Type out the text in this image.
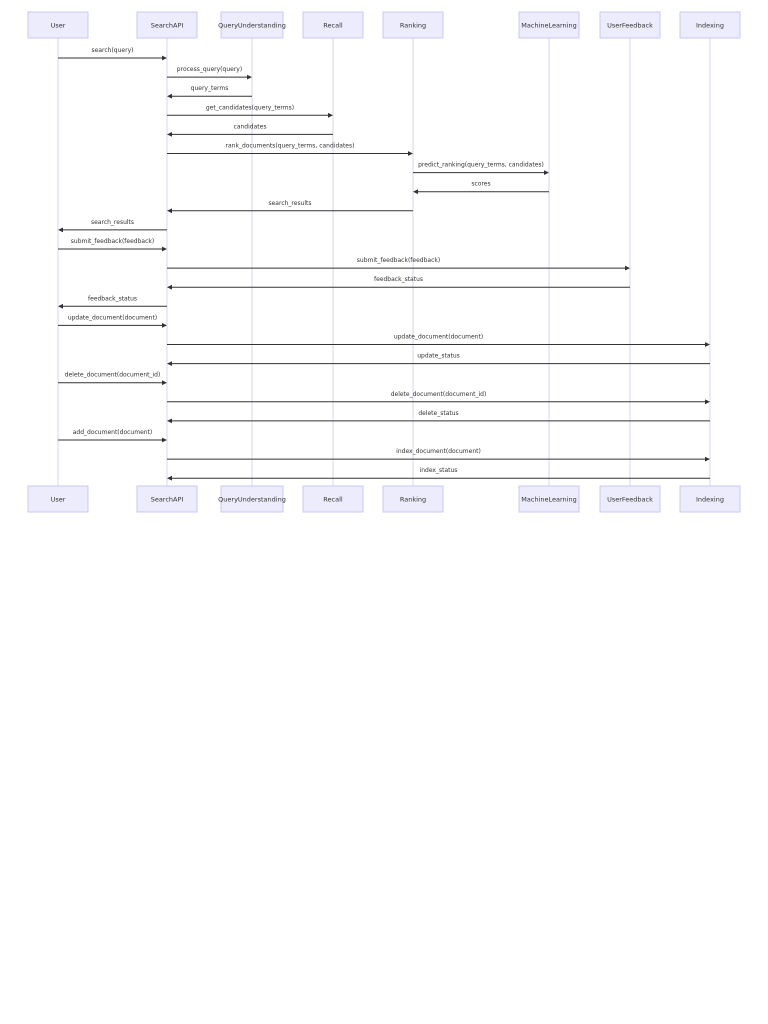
search(query)
process_query(query)
query_terms
get_candidates(query_terms)
candidates
rank_documents(query_terms, candidates)
predict_ranking(query_terms, candidates)
scores
search_results
search_results
submit_feedback(feedback)
submit_feedback(feedback)
feedback_status
feedback_status
update_document(document)
update_document(document)
update_status
delete_document(document_id)
delete_document(document_id)
delete_status
add_document(document)
index_document(document)
index_status
User	SearchAPI	QueryUnderstanding	Recall	Ranking	MachineLearning	UserFeedback	Indexing
User	SearchAPI	QueryUnderstanding	Recall	Ranking	MachineLearning	UserFeedback	Indexing
